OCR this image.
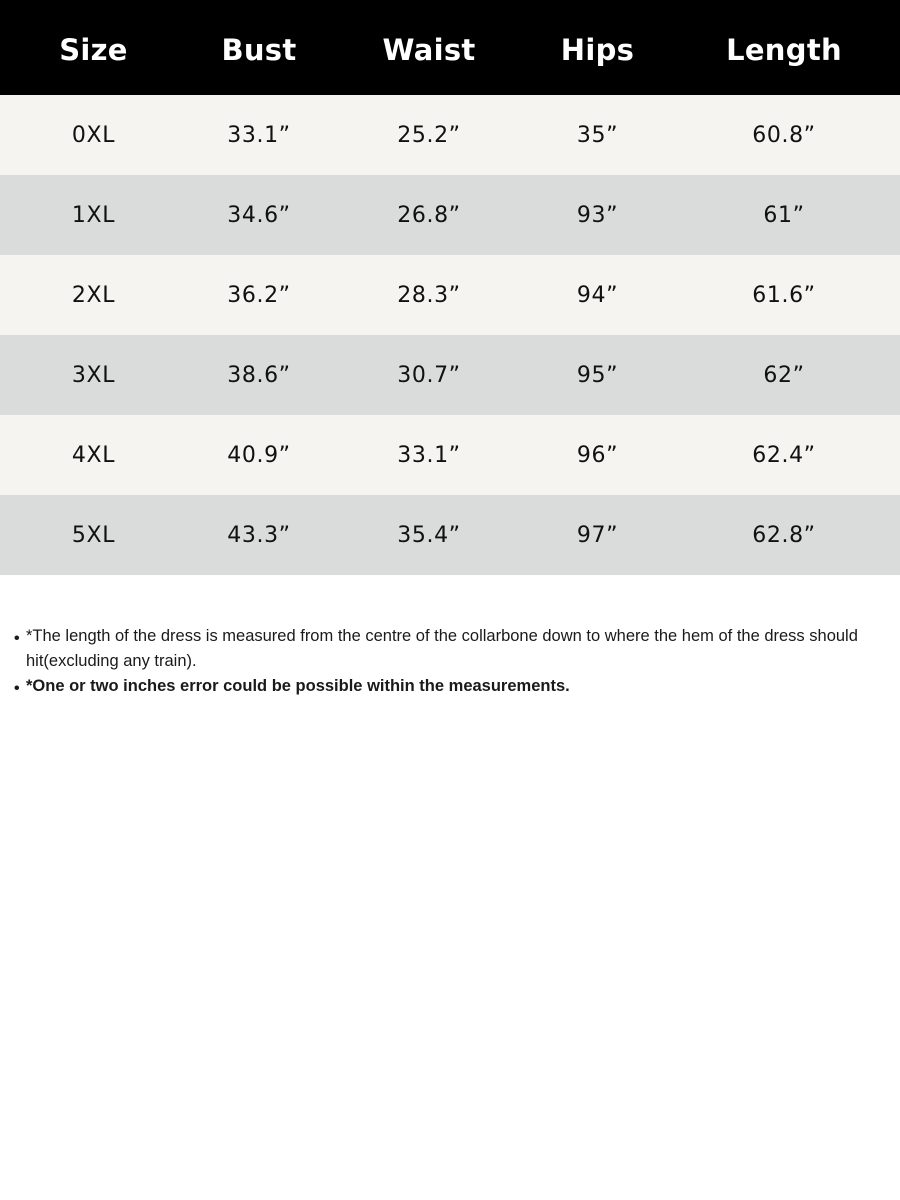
Size	Bust	Waist	Hips	Length
0XL	33.1”	25.2”	35”	60.8”
1XL	34.6”	26.8”	93”	61”
2XL	36.2”	28.3”	94”	61.6”
3XL	38.6”	30.7”	95”	62”
4XL	40.9”	33.1”	96”	62.4”
5XL	43.3”	35.4”	97”	62.8”
• *The length of the dress is measured from the centre of the collarbone down to where the hem of the dress should hit(excluding any train).
• *One or two inches error could be possible within the measurements.
